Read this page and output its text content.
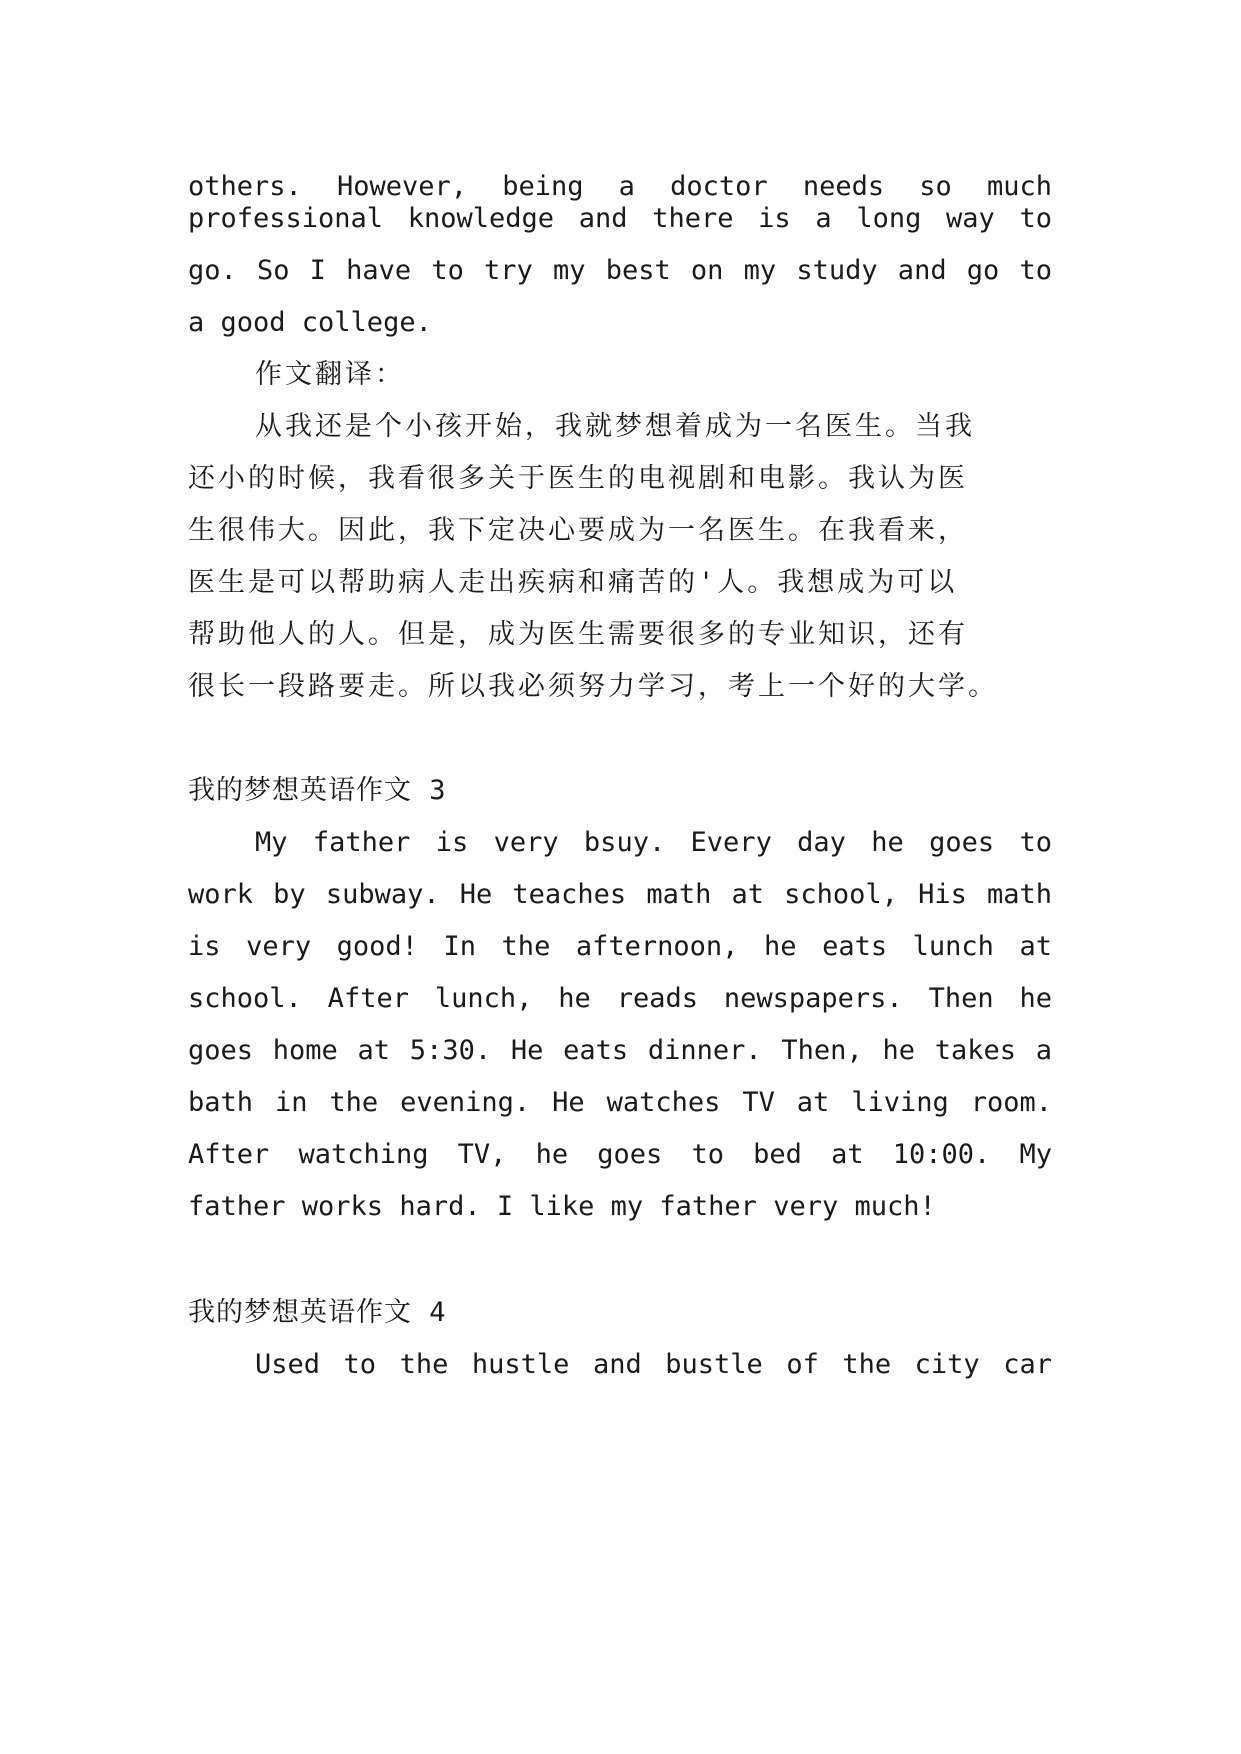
others. However, being a doctor needs so much
professional knowledge and there is a long way to
go. So I have to try my best on my study and go to
a good college.
作文翻译：
从我还是个小孩开始，我就梦想着成为一名医生。当我
还小的时候，我看很多关于医生的电视剧和电影。我认为医
生很伟大。因此，我下定决心要成为一名医生。在我看来，
医生是可以帮助病人走出疾病和痛苦的'人。我想成为可以
帮助他人的人。但是，成为医生需要很多的专业知识，还有
很长一段路要走。所以我必须努力学习，考上一个好的大学。
我的梦想英语作文 3
My father is very bsuy. Every day he goes to
work by subway. He teaches math at school, His math
is very good! In the afternoon, he eats lunch at
school. After lunch, he reads newspapers. Then he
goes home at 5:30. He eats dinner. Then, he takes a
bath in the evening. He watches TV at living room.
After watching TV, he goes to bed at 10:00. My
father works hard. I like my father very much!
我的梦想英语作文 4
Used to the hustle and bustle of the city car
